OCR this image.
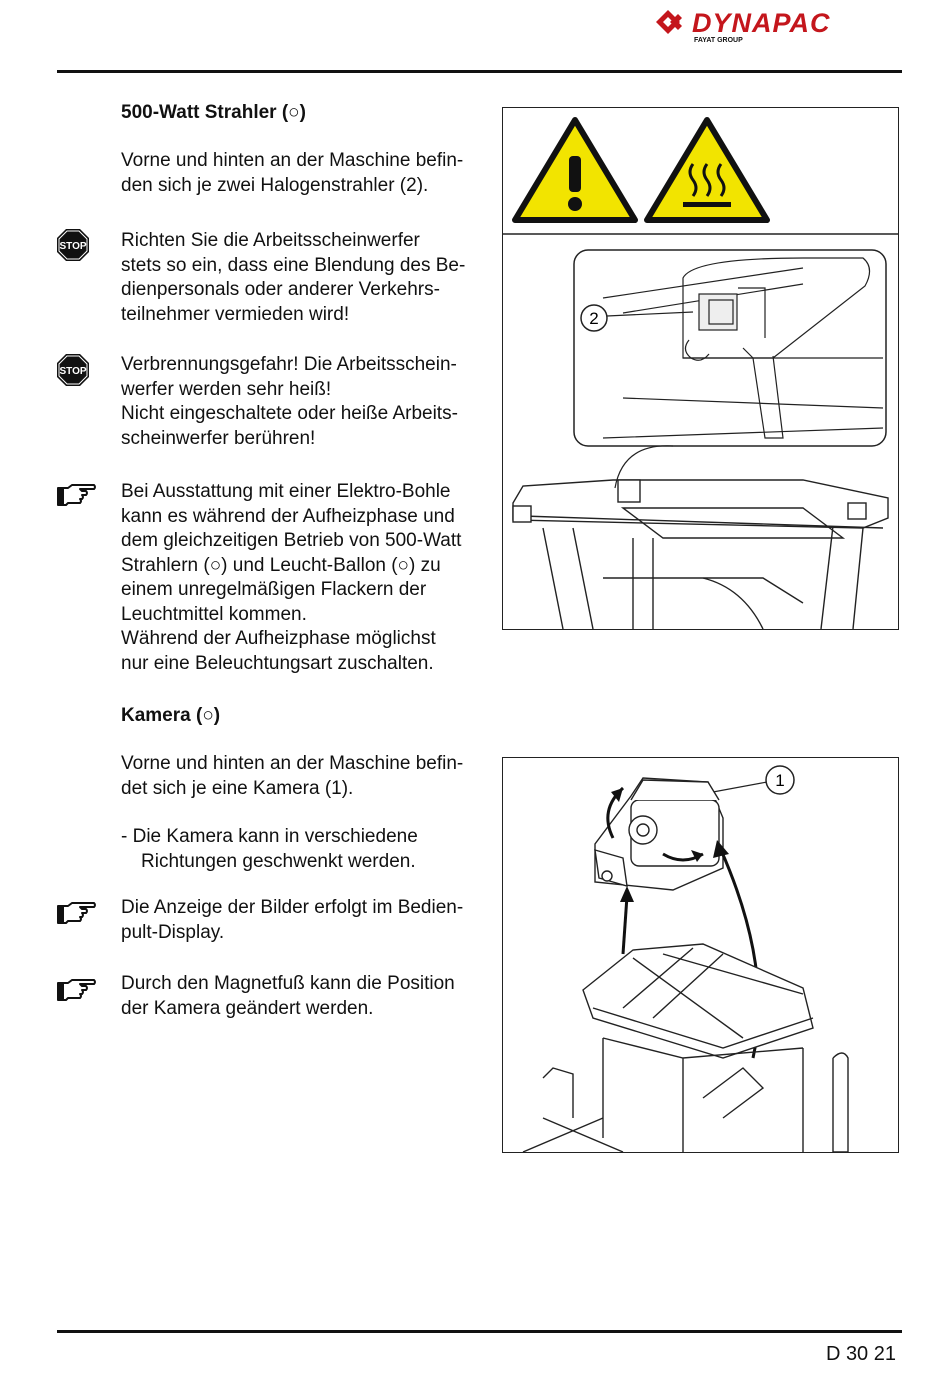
DYNAPAC
FAYAT GROUP
500-Watt Strahler (○)
Vorne und hinten an der Maschine befin-
den sich je zwei Halogenstrahler (2).
STOP Richten Sie die Arbeitsscheinwerfer
stets so ein, dass eine Blendung des Be-
dienpersonals oder anderer Verkehrs-
teilnehmer vermieden wird!
STOP Verbrennungsgefahr! Die Arbeitsschein-
werfer werden sehr heiß!
Nicht eingeschaltete oder heiße Arbeits-
scheinwerfer berühren!
Bei Ausstattung mit einer Elektro-Bohle
kann es während der Aufheizphase und
dem gleichzeitigen Betrieb von 500-Watt
Strahlern (○) und Leucht-Ballon (○) zu
einem unregelmäßigen Flackern der
Leuchtmittel kommen.
Während der Aufheizphase möglichst
nur eine Beleuchtungsart zuschalten.
Kamera (○)
Vorne und hinten an der Maschine befin-
det sich je eine Kamera (1).
- Die Kamera kann in verschiedene
Richtungen geschwenkt werden.
Die Anzeige der Bilder erfolgt im Bedien-
pult-Display.
Durch den Magnetfuß kann die Position
der Kamera geändert werden.
2
1
D 30 21
